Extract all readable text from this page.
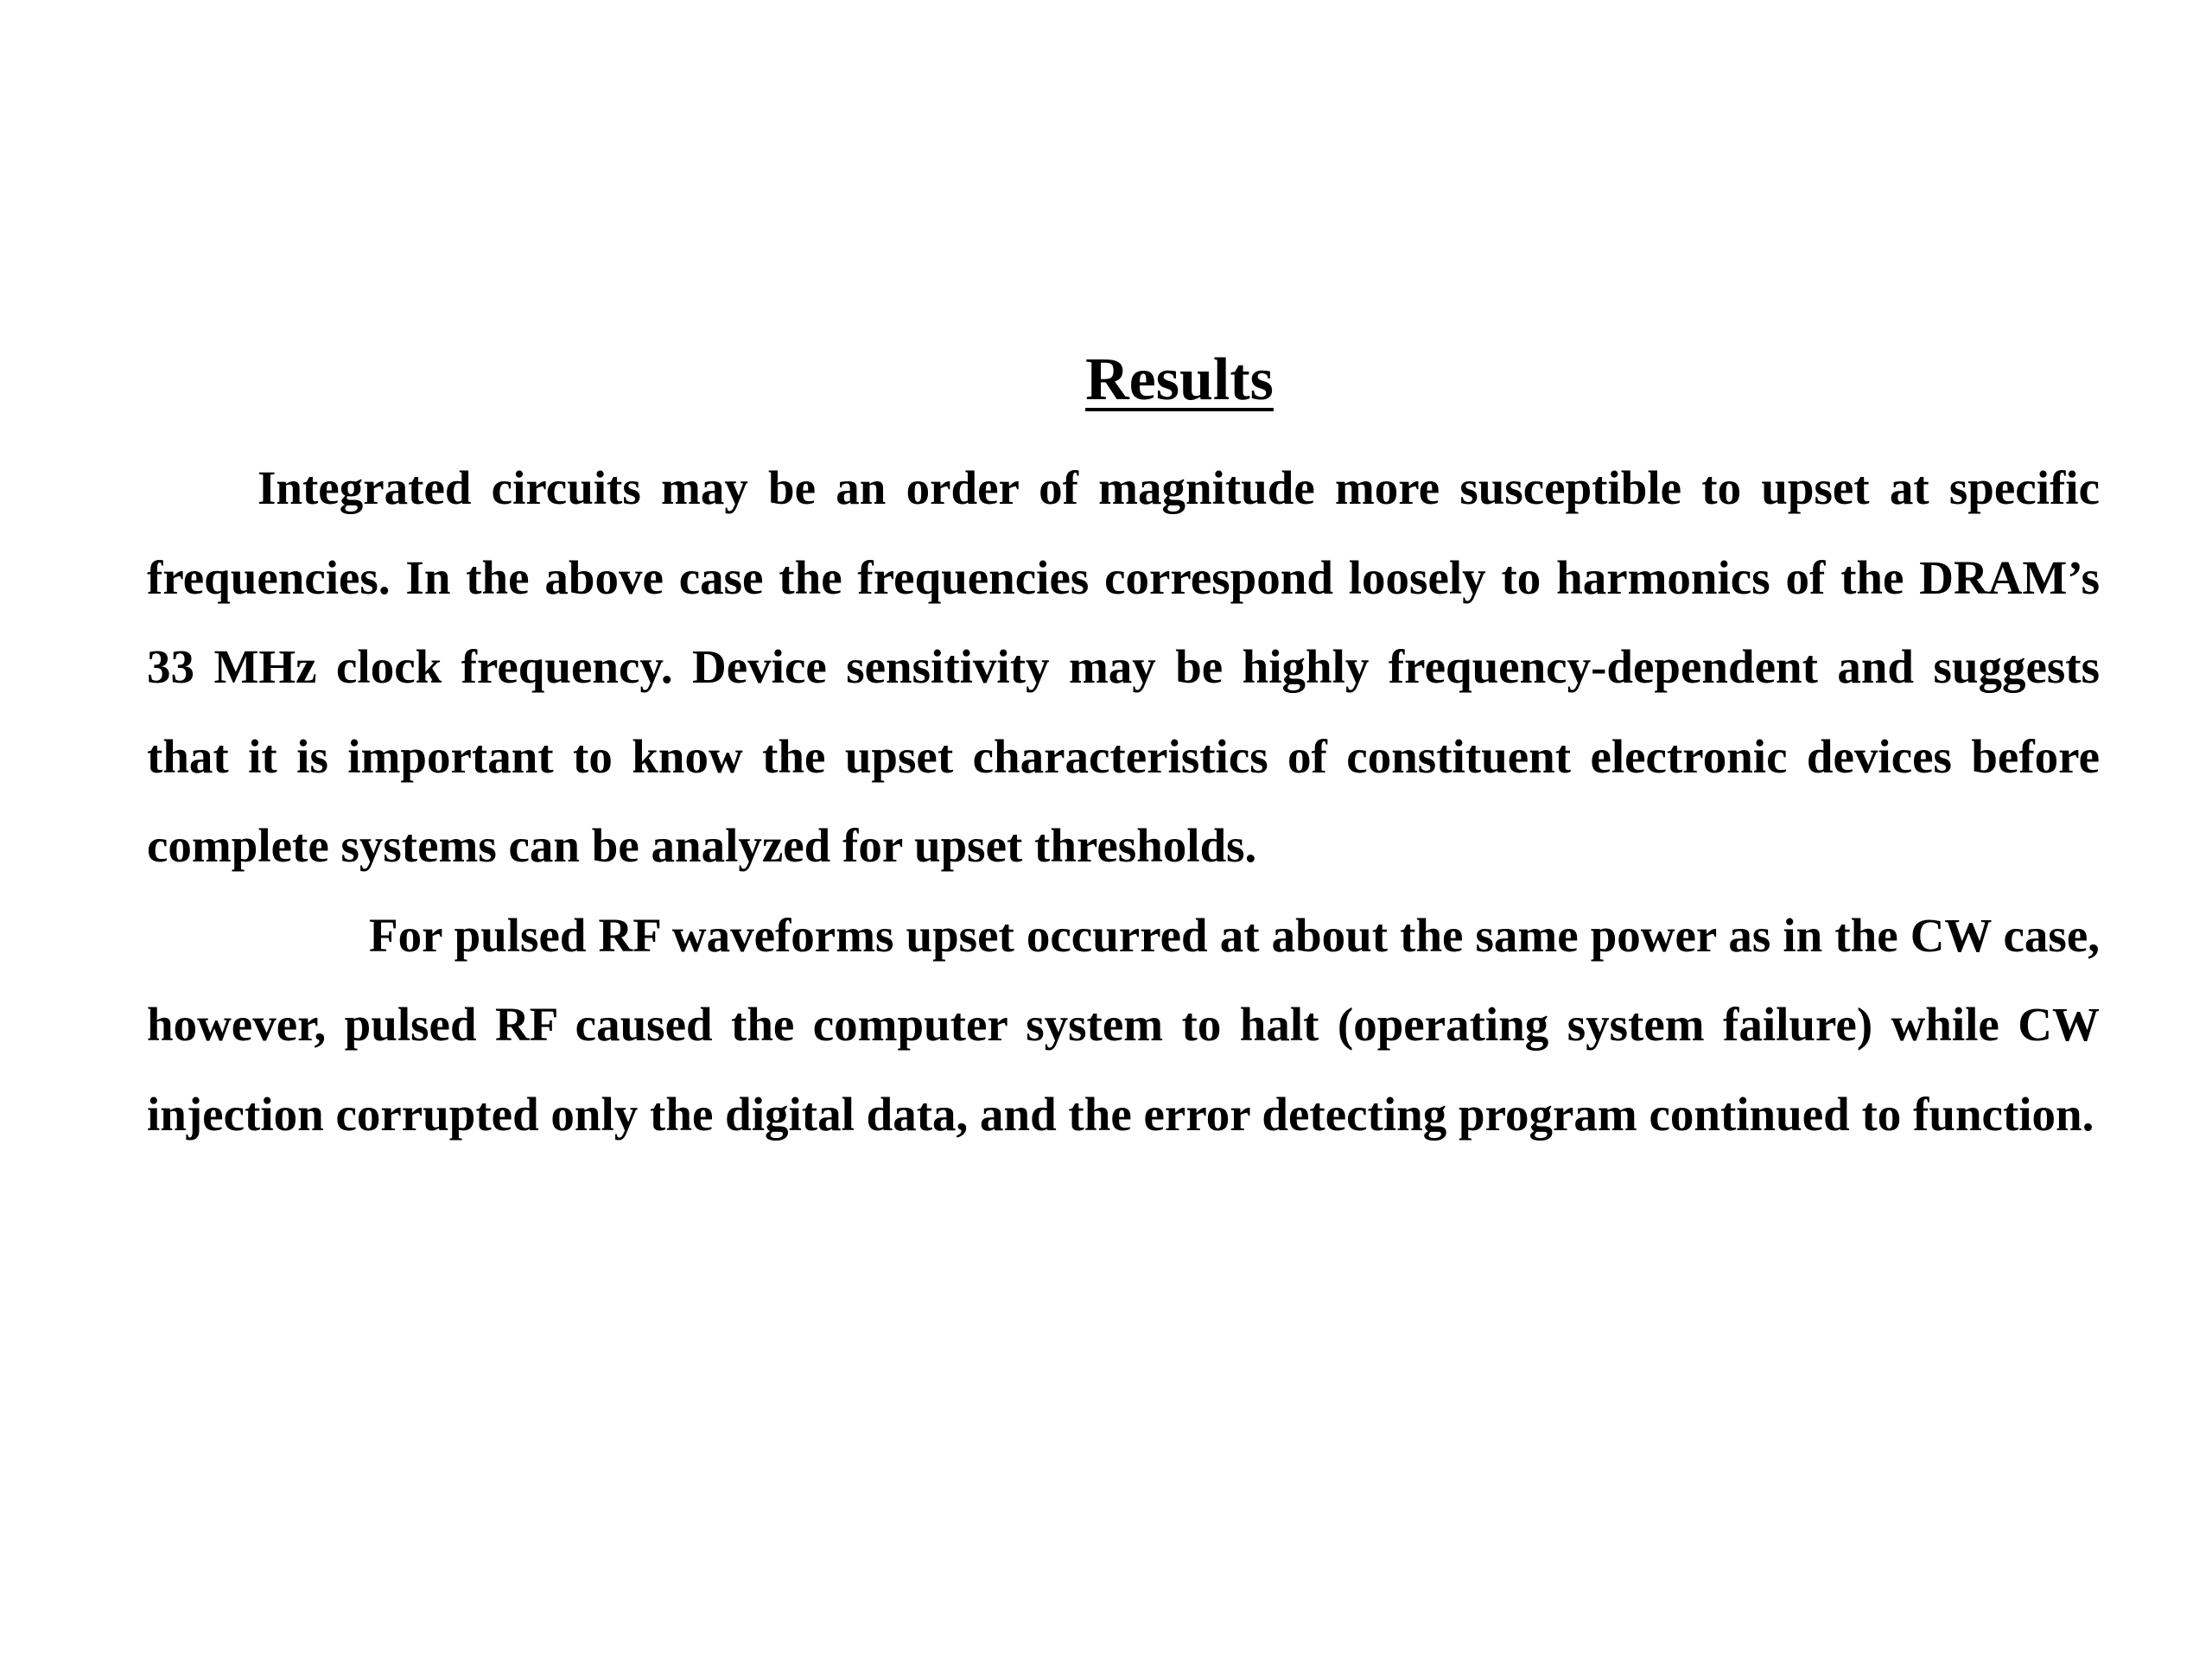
Results

Integrated circuits may be an order of magnitude more susceptible to upset at specific frequencies. In the above case the frequencies correspond loosely to harmonics of the DRAM’s 33 MHz clock frequency. Device sensitivity may be highly frequency-dependent and suggests that it is important to know the upset characteristics of constituent electronic devices before complete systems can be analyzed for upset thresholds.

For pulsed RF waveforms upset occurred at about the same power as in the CW case, however, pulsed RF caused the computer system to halt (operating system failure) while CW injection corrupted only the digital data, and the error detecting program continued to function.
